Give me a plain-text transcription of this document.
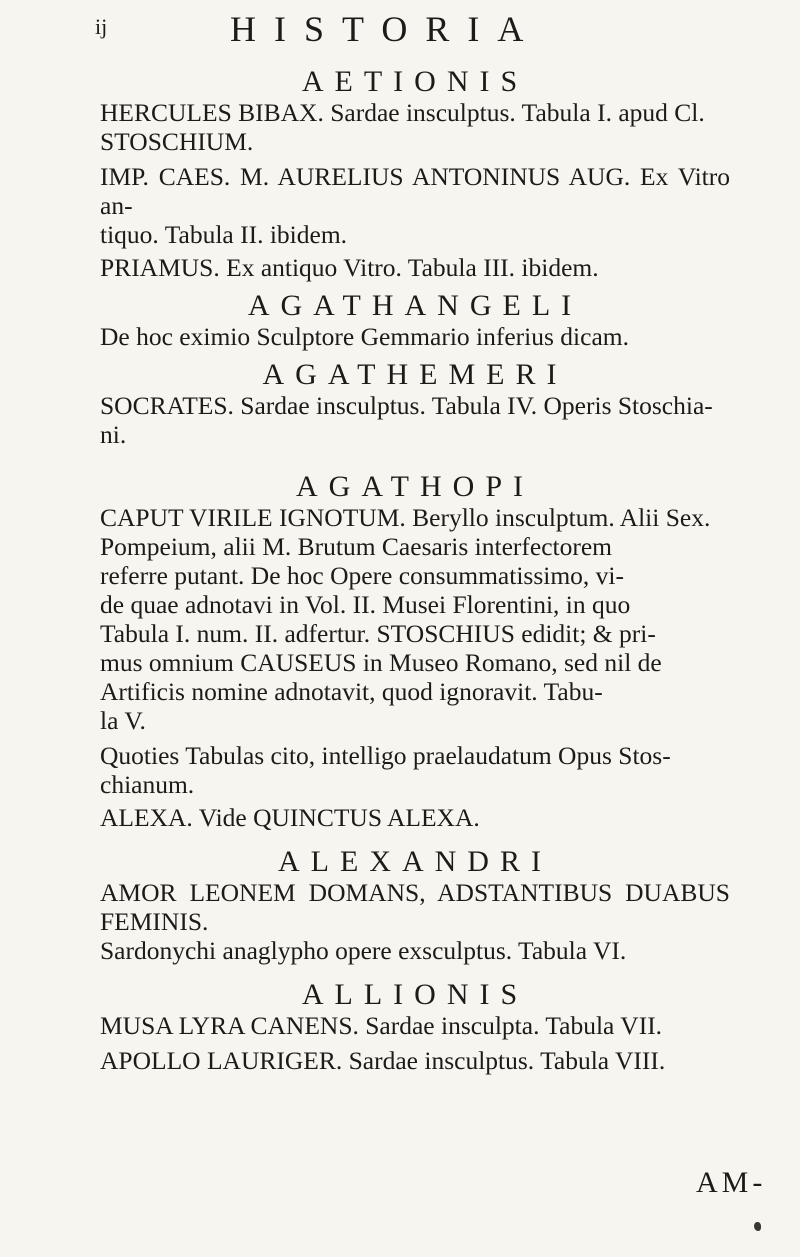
ij	HISTORIA
AETIONIS

HERCULES BIBAX. Sardae insculptus. Tabula I. apud Cl.
STOSCHIUM.

IMP. CAES. M. AURELIUS ANTONINUS AUG. Ex Vitro an-
tiquo. Tabula II. ibidem.

PRIAMUS. Ex antiquo Vitro. Tabula III. ibidem.

AGATHANGELI

De hoc eximio Sculptore Gemmario inferius dicam.

AGATHEMERI

SOCRATES. Sardae insculptus. Tabula IV. Operis Stoschia-
ni.

AGATHOPI

CAPUT VIRILE IGNOTUM. Beryllo insculptum. Alii Sex.
Pompeium, alii M. Brutum Caesaris interfectorem
referre putant. De hoc Opere consummatissimo, vi-
de quae adnotavi in Vol. II. Musei Florentini, in quo
Tabula I. num. II. adfertur. STOSCHIUS edidit; & pri-
mus omnium CAUSEUS in Museo Romano, sed nil de
Artificis nomine adnotavit, quod ignoravit. Tabu-
la V.

Quoties Tabulas cito, intelligo praelaudatum Opus Stos-
chianum.

ALEXA. Vide QUINCTUS ALEXA.

ALEXANDRI

AMOR LEONEM DOMANS, ADSTANTIBUS DUABUS FEMINIS.
Sardonychi anaglypho opere exsculptus. Tabula VI.

ALLIONIS

MUSA LYRA CANENS. Sardae insculpta. Tabula VII.

APOLLO LAURIGER. Sardae insculptus. Tabula VIII.

AM-
